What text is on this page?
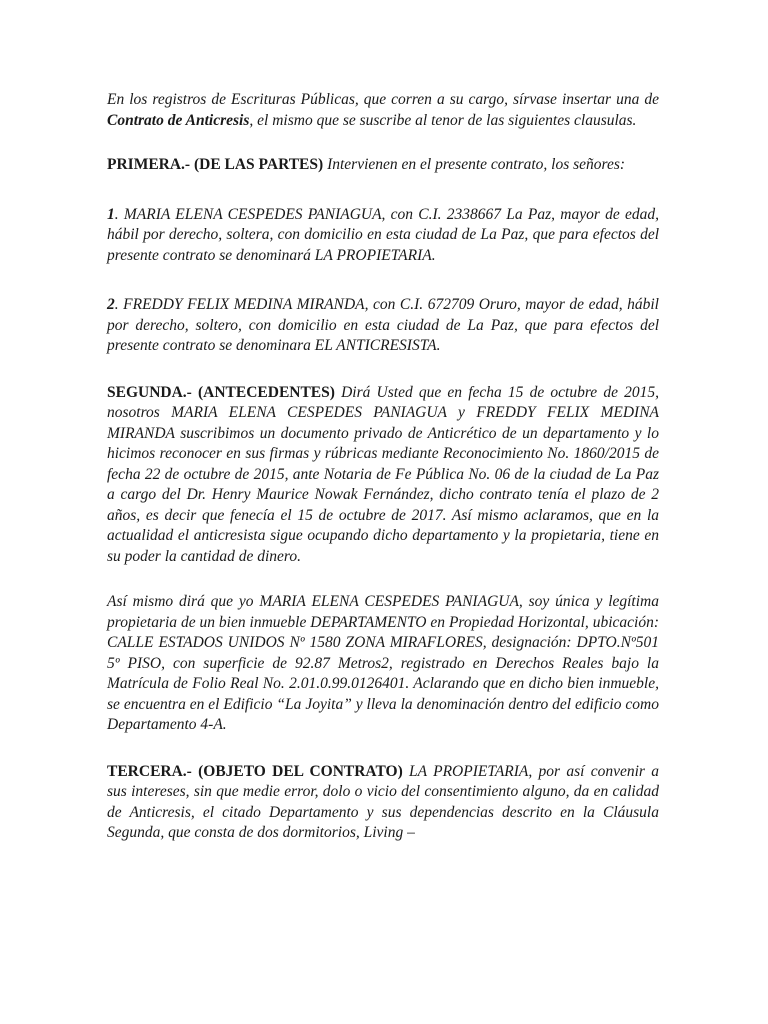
En los registros de Escrituras Públicas, que corren a su cargo, sírvase insertar una de Contrato de Anticresis, el mismo que se suscribe al tenor de las siguientes clausulas.

PRIMERA.- (DE LAS PARTES) Intervienen en el presente contrato, los señores:

1. MARIA ELENA CESPEDES PANIAGUA, con C.I. 2338667 La Paz, mayor de edad, hábil por derecho, soltera, con domicilio en esta ciudad de La Paz, que para efectos del presente contrato se denominará LA PROPIETARIA.

2. FREDDY FELIX MEDINA MIRANDA, con C.I. 672709 Oruro, mayor de edad, hábil por derecho, soltero, con domicilio en esta ciudad de La Paz, que para efectos del presente contrato se denominara EL ANTICRESISTA.

SEGUNDA.- (ANTECEDENTES) Dirá Usted que en fecha 15 de octubre de 2015, nosotros MARIA ELENA CESPEDES PANIAGUA y FREDDY FELIX MEDINA MIRANDA suscribimos un documento privado de Anticrético de un departamento y lo hicimos reconocer en sus firmas y rúbricas mediante Reconocimiento No. 1860/2015 de fecha 22 de octubre de 2015, ante Notaria de Fe Pública No. 06 de la ciudad de La Paz a cargo del Dr. Henry Maurice Nowak Fernández, dicho contrato tenía el plazo de 2 años, es decir que fenecía el 15 de octubre de 2017. Así mismo aclaramos, que en la actualidad el anticresista sigue ocupando dicho departamento y la propietaria, tiene en su poder la cantidad de dinero.

Así mismo dirá que yo MARIA ELENA CESPEDES PANIAGUA, soy única y legítima propietaria de un bien inmueble DEPARTAMENTO en Propiedad Horizontal, ubicación: CALLE ESTADOS UNIDOS Nº 1580 ZONA MIRAFLORES, designación: DPTO.Nº501 5º PISO, con superficie de 92.87 Metros2, registrado en Derechos Reales bajo la Matrícula de Folio Real No. 2.01.0.99.0126401. Aclarando que en dicho bien inmueble, se encuentra en el Edificio “La Joyita” y lleva la denominación dentro del edificio como Departamento 4-A.

TERCERA.- (OBJETO DEL CONTRATO) LA PROPIETARIA, por así convenir a sus intereses, sin que medie error, dolo o vicio del consentimiento alguno, da en calidad de Anticresis, el citado Departamento y sus dependencias descrito en la Cláusula Segunda, que consta de dos dormitorios, Living –
